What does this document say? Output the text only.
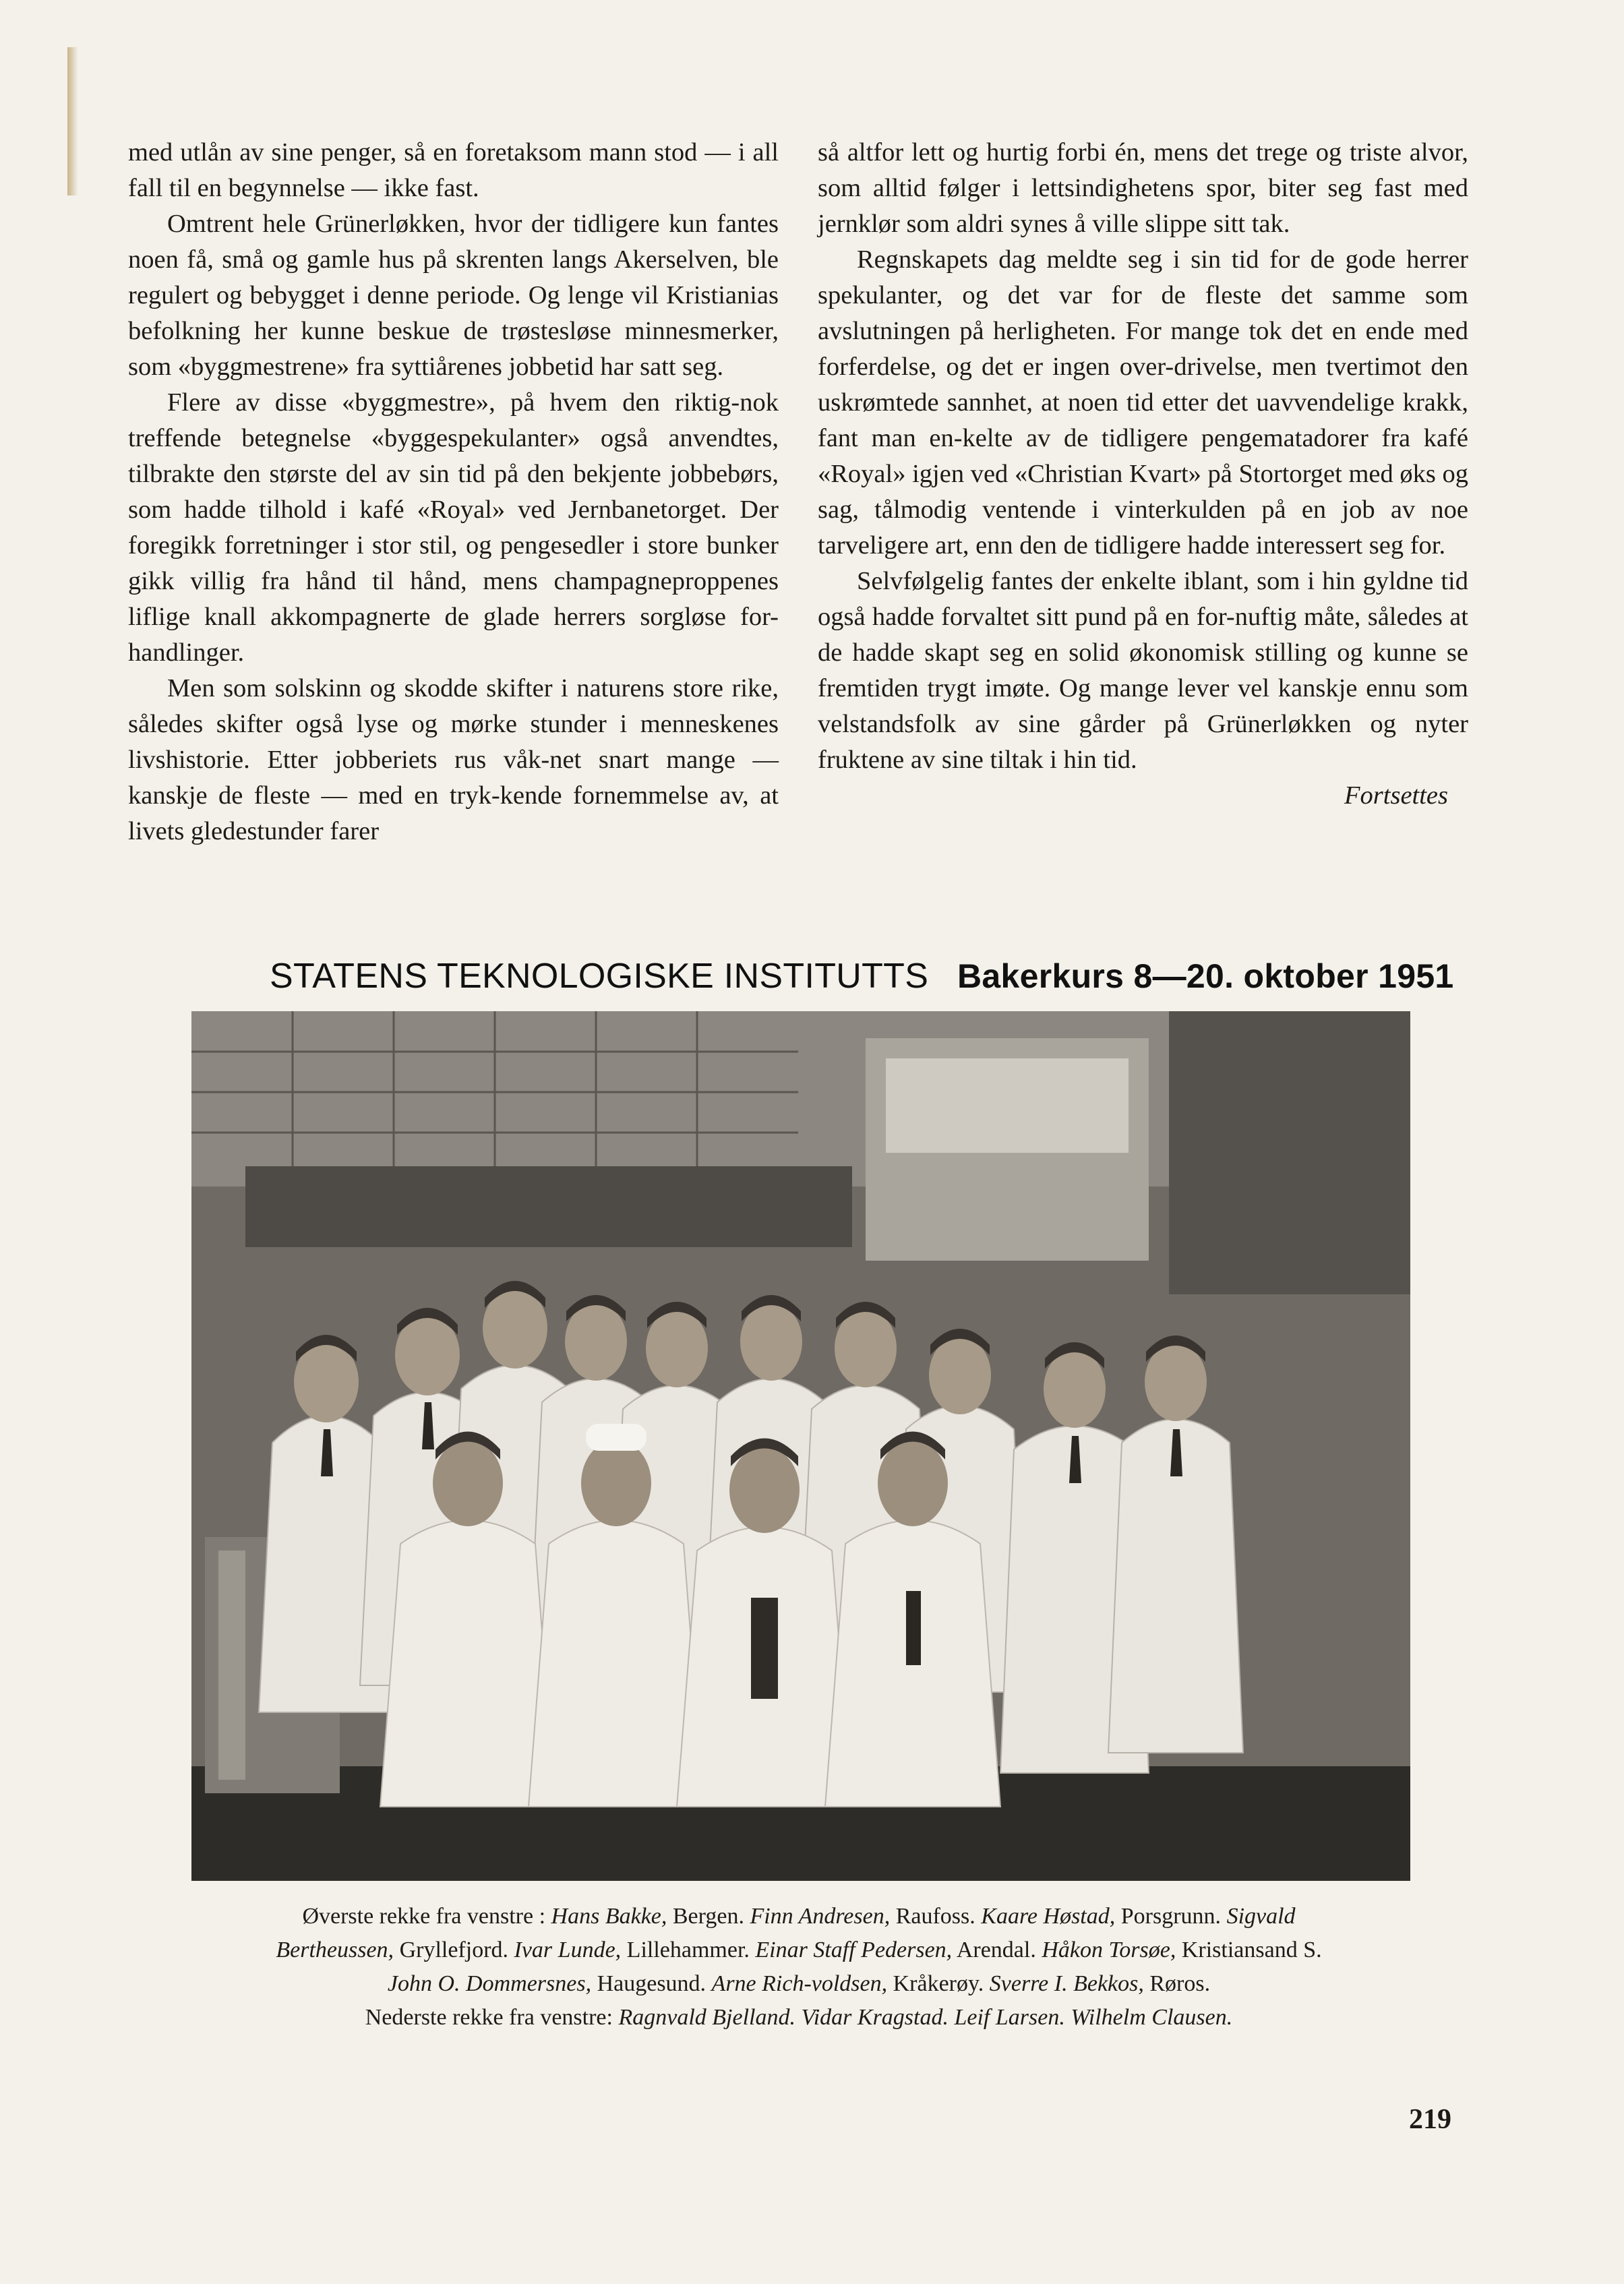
med utlån av sine penger, så en foretaksom mann stod — i all fall til en begynnelse — ikke fast.

Omtrent hele Grünerløkken, hvor der tidligere kun fantes noen få, små og gamle hus på skrenten langs Akerselven, ble regulert og bebygget i denne periode. Og lenge vil Kristianias befolkning her kunne beskue de trøstesløse minnesmerker, som «byggmestrene» fra syttiårenes jobbetid har satt seg.

Flere av disse «byggmestre», på hvem den riktig-nok treffende betegnelse «byggespekulanter» også anvendtes, tilbrakte den største del av sin tid på den bekjente jobbebørs, som hadde tilhold i kafé «Royal» ved Jernbanetorget. Der foregikk forretninger i stor stil, og pengesedler i store bunker gikk villig fra hånd til hånd, mens champagneproppenes liflige knall akkompagnerte de glade herrers sorgløse for-handlinger.

Men som solskinn og skodde skifter i naturens store rike, således skifter også lyse og mørke stunder i menneskenes livshistorie. Etter jobberiets rus våk-net snart mange — kanskje de fleste — med en tryk-kende fornemmelse av, at livets gledestunder farer

så altfor lett og hurtig forbi én, mens det trege og triste alvor, som alltid følger i lettsindighetens spor, biter seg fast med jernklør som aldri synes å ville slippe sitt tak.

Regnskapets dag meldte seg i sin tid for de gode herrer spekulanter, og det var for de fleste det samme som avslutningen på herligheten. For mange tok det en ende med forferdelse, og det er ingen over-drivelse, men tvertimot den uskrømtede sannhet, at noen tid etter det uavvendelige krakk, fant man en-kelte av de tidligere pengematadorer fra kafé «Royal» igjen ved «Christian Kvart» på Stortorget med øks og sag, tålmodig ventende i vinterkulden på en job av noe tarveligere art, enn den de tidligere hadde interessert seg for.

Selvfølgelig fantes der enkelte iblant, som i hin gyldne tid også hadde forvaltet sitt pund på en for-nuftig måte, således at de hadde skapt seg en solid økonomisk stilling og kunne se fremtiden trygt imøte. Og mange lever vel kanskje ennu som velstandsfolk av sine gårder på Grünerløkken og nyter fruktene av sine tiltak i hin tid.

Fortsettes

STATENS TEKNOLOGISKE INSTITUTTS Bakerkurs 8—20. oktober 1951
Øverste rekke fra venstre : Hans Bakke, Bergen. Finn Andresen, Raufoss. Kaare Høstad, Porsgrunn. Sigvald Bertheussen, Gryllefjord. Ivar Lunde, Lillehammer. Einar Staff Pedersen, Arendal. Håkon Torsøe, Kristiansand S. John O. Dommersnes, Haugesund. Arne Rich-voldsen, Kråkerøy. Sverre I. Bekkos, Røros.
Nederste rekke fra venstre: Ragnvald Bjelland. Vidar Kragstad. Leif Larsen. Wilhelm Clausen.
219
